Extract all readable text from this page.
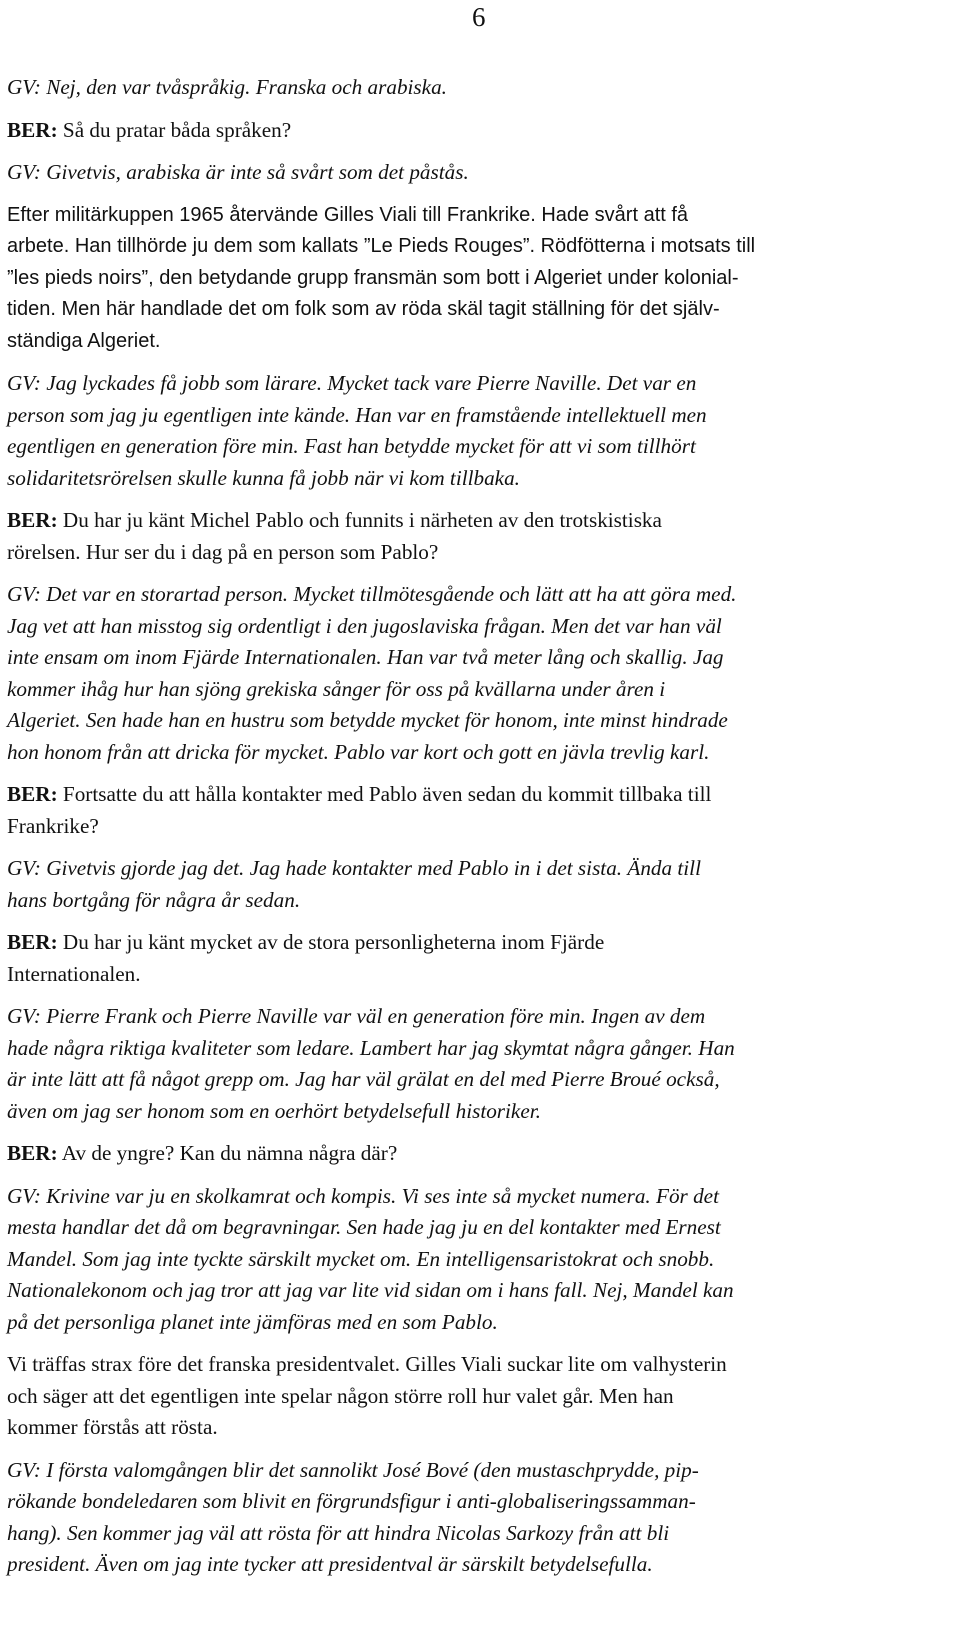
6

GV: Nej, den var tvåspråkig. Franska och arabiska.

BER: Så du pratar båda språken?

GV: Givetvis, arabiska är inte så svårt som det påstås.

Efter militärkuppen 1965 återvände Gilles Viali till Frankrike. Hade svårt att få
arbete. Han tillhörde ju dem som kallats ”Le Pieds Rouges”. Rödfötterna i motsats till
”les pieds noirs”, den betydande grupp fransmän som bott i Algeriet under kolonial-
tiden. Men här handlade det om folk som av röda skäl tagit ställning för det själv-
ständiga Algeriet.

GV: Jag lyckades få jobb som lärare. Mycket tack vare Pierre Naville. Det var en
person som jag ju egentligen inte kände. Han var en framstående intellektuell men
egentligen en generation före min. Fast han betydde mycket för att vi som tillhört
solidaritetsrörelsen skulle kunna få jobb när vi kom tillbaka.

BER: Du har ju känt Michel Pablo och funnits i närheten av den trotskistiska
rörelsen. Hur ser du i dag på en person som Pablo?

GV: Det var en storartad person. Mycket tillmötesgående och lätt att ha att göra med.
Jag vet att han misstog sig ordentligt i den jugoslaviska frågan. Men det var han väl
inte ensam om inom Fjärde Internationalen. Han var två meter lång och skallig. Jag
kommer ihåg hur han sjöng grekiska sånger för oss på kvällarna under åren i
Algeriet. Sen hade han en hustru som betydde mycket för honom, inte minst hindrade
hon honom från att dricka för mycket. Pablo var kort och gott en jävla trevlig karl.

BER: Fortsatte du att hålla kontakter med Pablo även sedan du kommit tillbaka till
Frankrike?

GV: Givetvis gjorde jag det. Jag hade kontakter med Pablo in i det sista. Ända till
hans bortgång för några år sedan.

BER: Du har ju känt mycket av de stora personligheterna inom Fjärde
Internationalen.

GV: Pierre Frank och Pierre Naville var väl en generation före min. Ingen av dem
hade några riktiga kvaliteter som ledare. Lambert har jag skymtat några gånger. Han
är inte lätt att få något grepp om. Jag har väl grälat en del med Pierre Broué också,
även om jag ser honom som en oerhört betydelsefull historiker.

BER: Av de yngre? Kan du nämna några där?

GV: Krivine var ju en skolkamrat och kompis. Vi ses inte så mycket numera. För det
mesta handlar det då om begravningar. Sen hade jag ju en del kontakter med Ernest
Mandel. Som jag inte tyckte särskilt mycket om. En intelligensaristokrat och snobb.
Nationalekonom och jag tror att jag var lite vid sidan om i hans fall. Nej, Mandel kan
på det personliga planet inte jämföras med en som Pablo.

Vi träffas strax före det franska presidentvalet. Gilles Viali suckar lite om valhysterin
och säger att det egentligen inte spelar någon större roll hur valet går. Men han
kommer förstås att rösta.

GV: I första valomgången blir det sannolikt José Bové (den mustaschprydde, pip-
rökande bondeledaren som blivit en förgrundsfigur i anti-globaliseringssamman-
hang). Sen kommer jag väl att rösta för att hindra Nicolas Sarkozy från att bli
president. Även om jag inte tycker att presidentval är särskilt betydelsefulla.
